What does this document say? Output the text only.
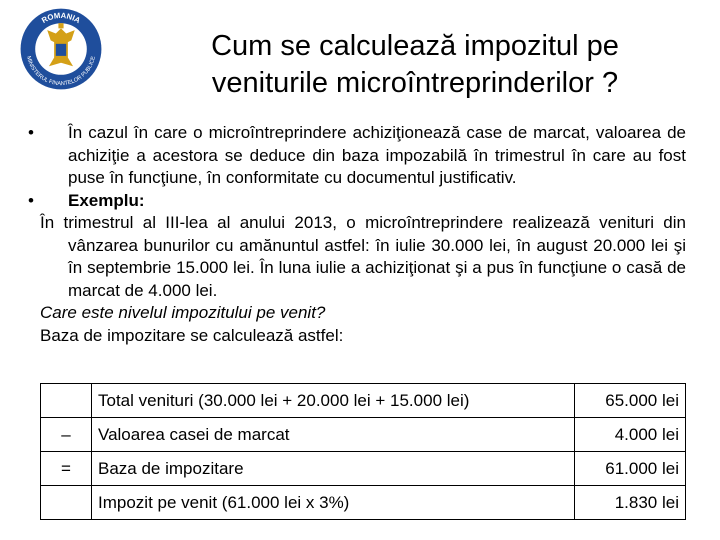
ROMANIA
MINISTERUL FINANTELOR PUBLICE	Cum se calculează impozitul pe
veniturile microîntreprinderilor ?
• În cazul în care o microîntreprindere achiziţionează case de marcat, valoarea de achiziţie a acestora se deduce din baza impozabilă în trimestrul în care au fost puse în funcţiune, în conformitate cu documentul justificativ.
• Exemplu:
În trimestrul al III-lea al anului 2013, o microîntreprindere realizează venituri din
vânzarea bunurilor cu amănuntul astfel: în iulie 30.000 lei, în august 20.000 lei şi în septembrie 15.000 lei. În luna iulie a achiziţionat şi a pus în funcţiune o casă de marcat de 4.000 lei.
Care este nivelul impozitului pe venit?
Baza de impozitare se calculează astfel:
	Total venituri (30.000 lei + 20.000 lei + 15.000 lei)	65.000 lei
–	Valoarea casei de marcat	4.000 lei
=	Baza de impozitare	61.000 lei
	Impozit pe venit (61.000 lei x 3%)	1.830 lei
